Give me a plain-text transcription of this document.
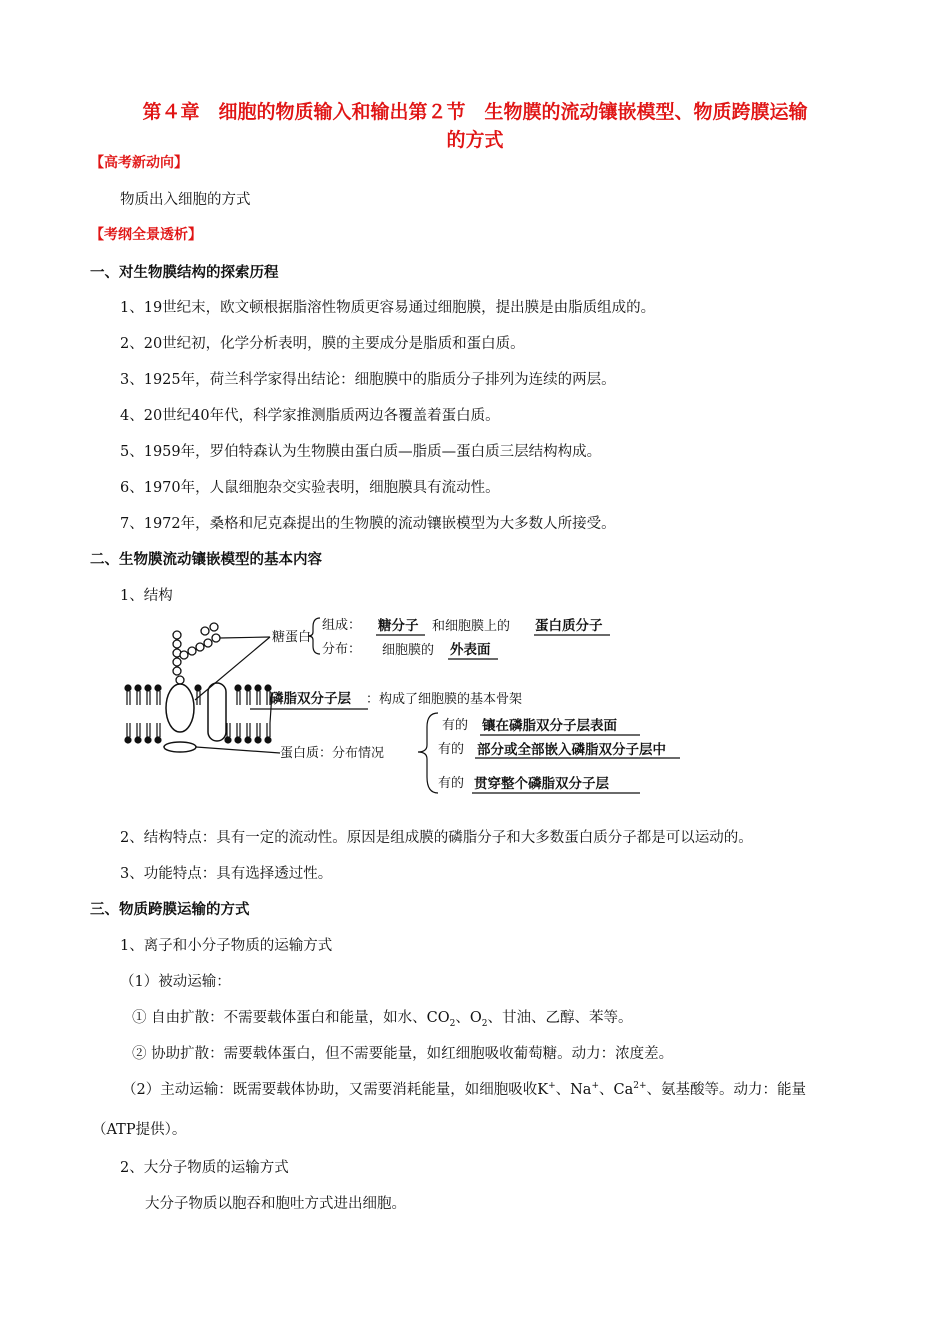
第４章　细胞的物质输入和输出第２节　生物膜的流动镶嵌模型、物质跨膜运输
的方式
【高考新动向】
物质出入细胞的方式
【考纲全景透析】
一、对生物膜结构的探索历程
1、19世纪末，欧文顿根据脂溶性物质更容易通过细胞膜，提出膜是由脂质组成的。
2、20世纪初，化学分析表明，膜的主要成分是脂质和蛋白质。
3、1925年，荷兰科学家得出结论：细胞膜中的脂质分子排列为连续的两层。
4、20世纪40年代，科学家推测脂质两边各覆盖着蛋白质。
5、1959年，罗伯特森认为生物膜由蛋白质—脂质—蛋白质三层结构构成。
6、1970年，人鼠细胞杂交实验表明，细胞膜具有流动性。
7、1972年，桑格和尼克森提出的生物膜的流动镶嵌模型为大多数人所接受。
二、生物膜流动镶嵌模型的基本内容
1、结构
糖蛋白
组成： 糖分子 和细胞膜上的 蛋白质分子
分布： 细胞膜的 外表面
磷脂双分子层 ：构成了细胞膜的基本骨架
蛋白质：分布情况
有的 镶在磷脂双分子层表面
有的 部分或全部嵌入磷脂双分子层中
有的 贯穿整个磷脂双分子层
2、结构特点：具有一定的流动性。原因是组成膜的磷脂分子和大多数蛋白质分子都是可以运动的。
3、功能特点：具有选择透过性。
三、物质跨膜运输的方式
1、离子和小分子物质的运输方式
（1）被动运输：
① 自由扩散：不需要载体蛋白和能量，如水、$CO_2$、$O_2$、甘油、乙醇、苯等。
② 协助扩散：需要载体蛋白，但不需要能量，如红细胞吸收葡萄糖。动力：浓度差。
（2）主动运输：既需要载体协助，又需要消耗能量，如细胞吸收K+、Na+、$Ca^{2+}$、氨基酸等。动力：能量
（ATP提供）。
2、大分子物质的运输方式
大分子物质以胞吞和胞吐方式进出细胞。
